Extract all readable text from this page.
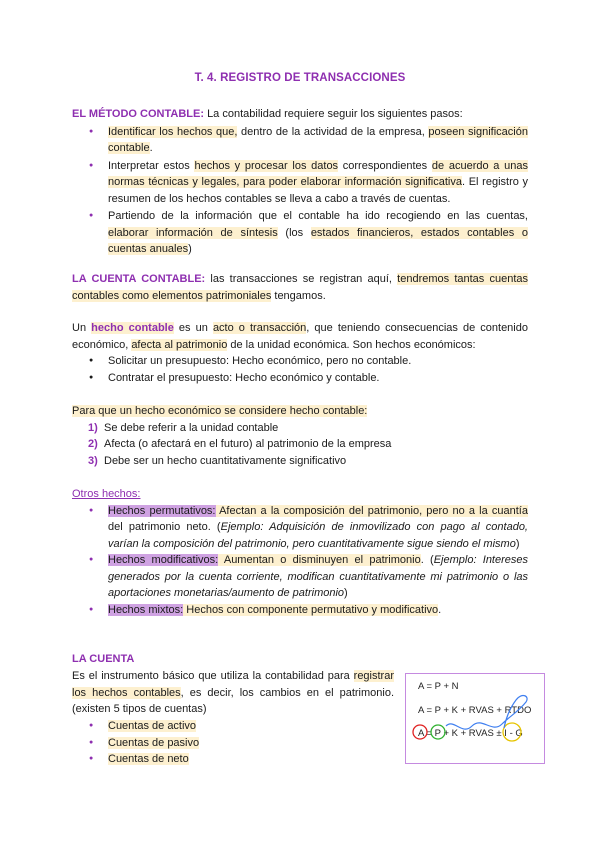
T. 4. REGISTRO DE TRANSACCIONES
EL MÉTODO CONTABLE: La contabilidad requiere seguir los siguientes pasos:
● Identificar los hechos que, dentro de la actividad de la empresa, poseen significación contable.
● Interpretar estos hechos y procesar los datos correspondientes de acuerdo a unas normas técnicas y legales, para poder elaborar información significativa. El registro y resumen de los hechos contables se lleva a cabo a través de cuentas.
● Partiendo de la información que el contable ha ido recogiendo en las cuentas, elaborar información de síntesis (los estados financieros, estados contables o cuentas anuales)
LA CUENTA CONTABLE: las transacciones se registran aquí, tendremos tantas cuentas contables como elementos patrimoniales tengamos.
Un hecho contable es un acto o transacción, que teniendo consecuencias de contenido económico, afecta al patrimonio de la unidad económica. Son hechos económicos:
● Solicitar un presupuesto: Hecho económico, pero no contable.
● Contratar el presupuesto: Hecho económico y contable.
Para que un hecho económico se considere hecho contable:
1) Se debe referir a la unidad contable
2) Afecta (o afectará en el futuro) al patrimonio de la empresa
3) Debe ser un hecho cuantitativamente significativo
Otros hechos:
● Hechos permutativos: Afectan a la composición del patrimonio, pero no a la cuantía del patrimonio neto. (Ejemplo: Adquisición de inmovilizado con pago al contado, varían la composición del patrimonio, pero cuantitativamente sigue siendo el mismo)
● Hechos modificativos: Aumentan o disminuyen el patrimonio. (Ejemplo: Intereses generados por la cuenta corriente, modifican cuantitativamente mi patrimonio o las aportaciones monetarias/aumento de patrimonio)
● Hechos mixtos: Hechos con componente permutativo y modificativo.
LA CUENTA
Es el instrumento básico que utiliza la contabilidad para registrar los hechos contables, es decir, los cambios en el patrimonio. (existen 5 tipos de cuentas)
● Cuentas de activo
● Cuentas de pasivo
● Cuentas de neto
A = P + N
A = P + K + RVAS + RTDO
A = P + K + RVAS ± I - G
